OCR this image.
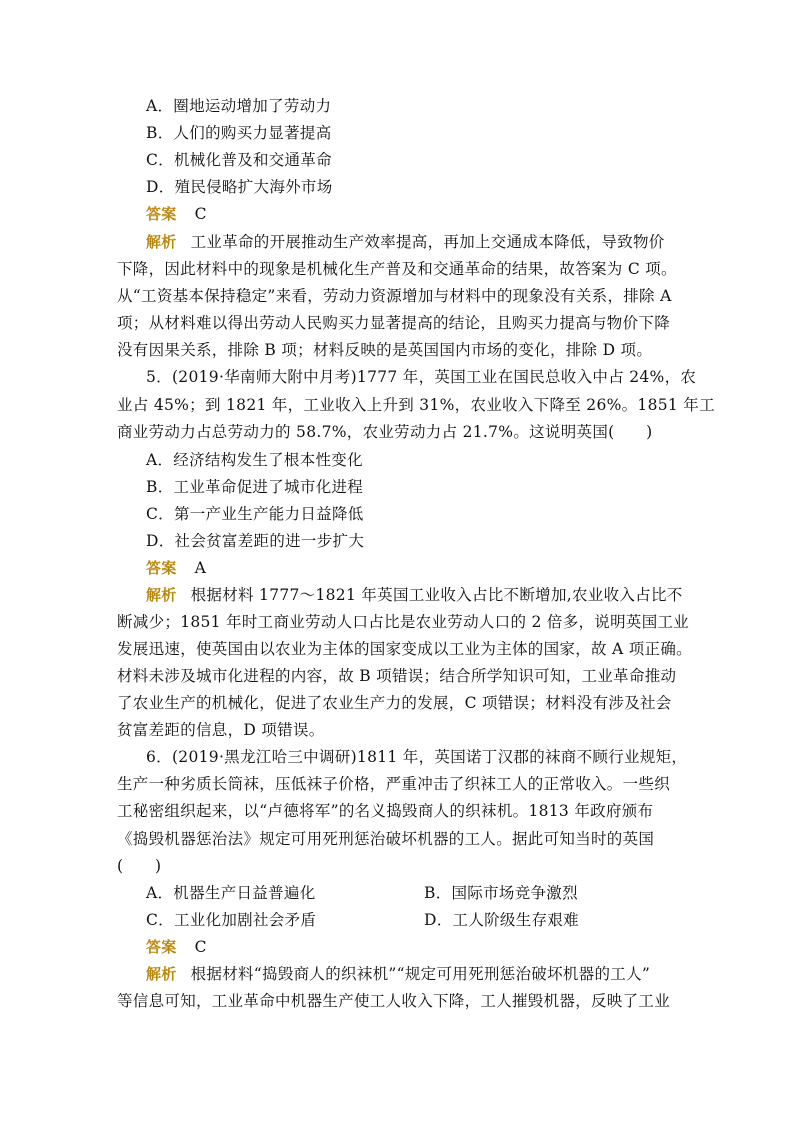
A．圈地运动增加了劳动力
B．人们的购买力显著提高
C．机械化普及和交通革命
D．殖民侵略扩大海外市场
答案 C
解析 工业革命的开展推动生产效率提高，再加上交通成本降低，导致物价
下降，因此材料中的现象是机械化生产普及和交通革命的结果，故答案为 C 项。
从“工资基本保持稳定”来看，劳动力资源增加与材料中的现象没有关系，排除 A
项；从材料难以得出劳动人民购买力显著提高的结论，且购买力提高与物价下降
没有因果关系，排除 B 项；材料反映的是英国国内市场的变化，排除 D 项。
5．(2019·华南师大附中月考)1777 年，英国工业在国民总收入中占 24%，农
业占 45%；到 1821 年，工业收入上升到 31%，农业收入下降至 26%。1851 年工
商业劳动力占总劳动力的 58.7%，农业劳动力占 21.7%。这说明英国(　　)
A．经济结构发生了根本性变化
B．工业革命促进了城市化进程
C．第一产业生产能力日益降低
D．社会贫富差距的进一步扩大
答案 A
解析 根据材料 1777～1821 年英国工业收入占比不断增加,农业收入占比不
断减少；1851 年时工商业劳动人口占比是农业劳动人口的 2 倍多，说明英国工业
发展迅速，使英国由以农业为主体的国家变成以工业为主体的国家，故 A 项正确。
材料未涉及城市化进程的内容，故 B 项错误；结合所学知识可知，工业革命推动
了农业生产的机械化，促进了农业生产力的发展，C 项错误；材料没有涉及社会
贫富差距的信息，D 项错误。
6．(2019·黑龙江哈三中调研)1811 年，英国诺丁汉郡的袜商不顾行业规矩，
生产一种劣质长筒袜，压低袜子价格，严重冲击了织袜工人的正常收入。一些织
工秘密组织起来，以“卢德将军”的名义捣毁商人的织袜机。1813 年政府颁布
《捣毁机器惩治法》规定可用死刑惩治破坏机器的工人。据此可知当时的英国
(　　)
A．机器生产日益普遍化	B．国际市场竞争激烈
C．工业化加剧社会矛盾	D．工人阶级生存艰难
答案 C
解析 根据材料“捣毁商人的织袜机”“规定可用死刑惩治破坏机器的工人”
等信息可知，工业革命中机器生产使工人收入下降，工人摧毁机器，反映了工业
